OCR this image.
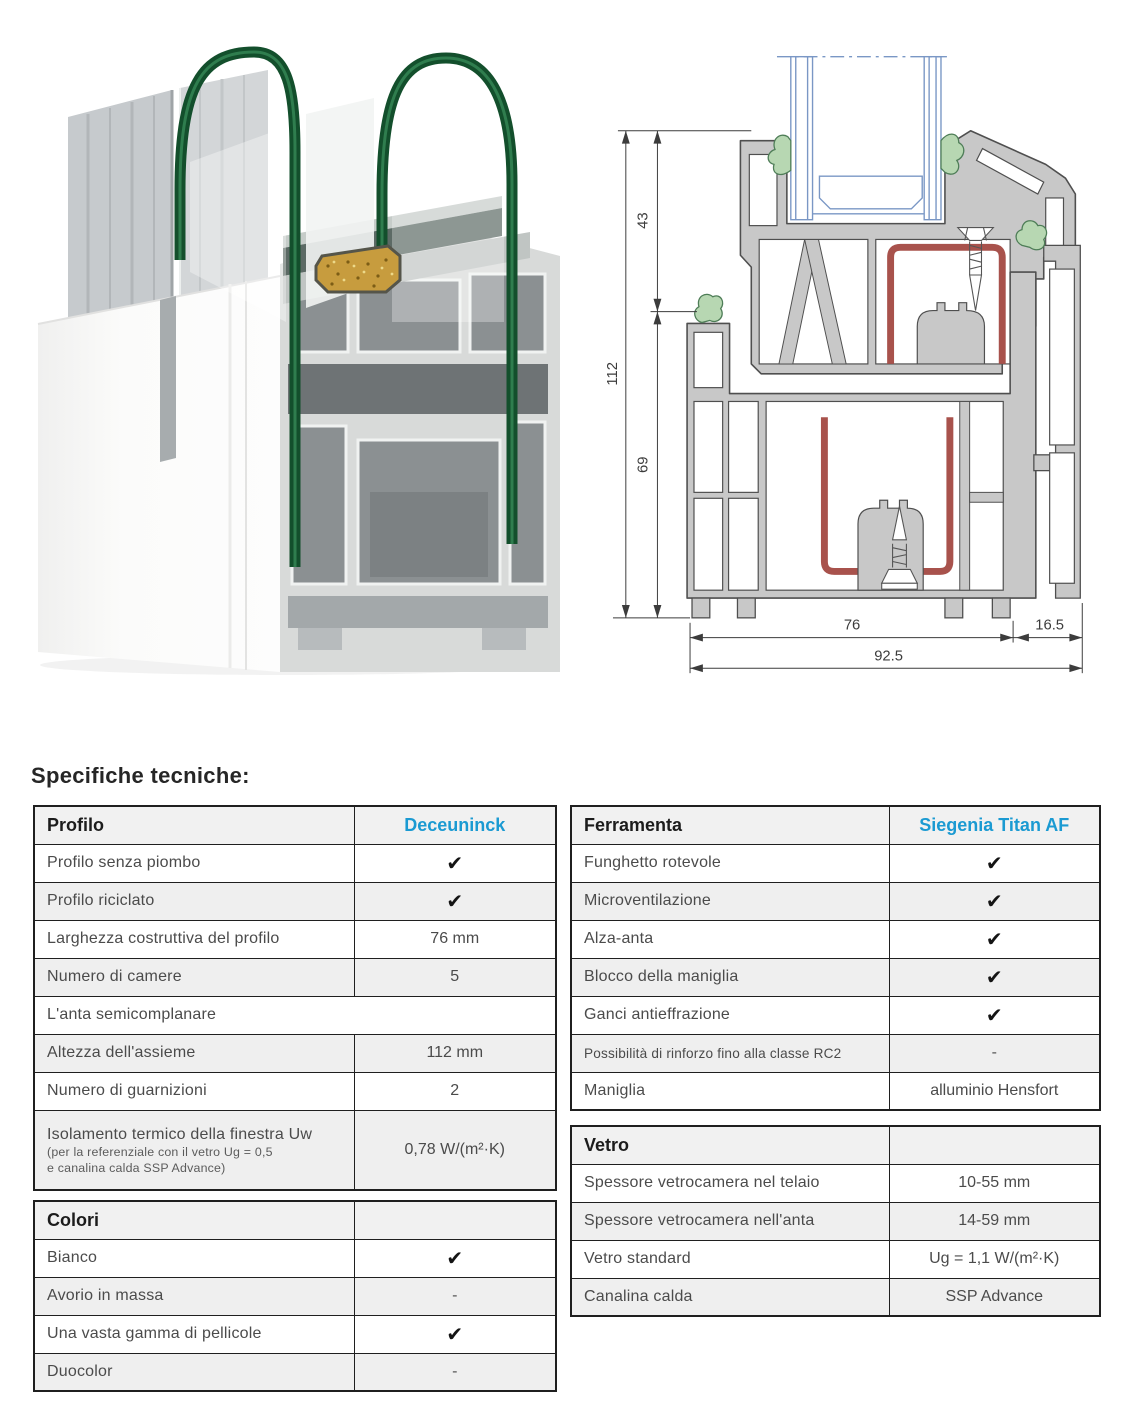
43
112
69
76	16.5
92.5
Specifiche tecniche:
Profilo	Deceuninck
Profilo senza piombo	✔
Profilo riciclato	✔
Larghezza costruttiva del profilo	76 mm
Numero di camere	5
L'anta semicomplanare	
Altezza dell'assieme	112 mm
Numero di guarnizioni	2

Isolamento termico della finestra Uw
(per la referenziale con il vetro Ug = 0,5
e canalina calda SSP Advance)	0,78 W/(m²·K)
Colori	
Bianco	✔
Avorio in massa	-
Una vasta gamma di pellicole	✔
Duocolor	-
Ferramenta	Siegenia Titan AF
Funghetto rotevole	✔
Microventilazione	✔
Alza-anta	✔
Blocco della maniglia	✔
Ganci antieffrazione	✔
Possibilità di rinforzo fino alla classe RC2	-
Maniglia	alluminio Hensfort
Vetro	
Spessore vetrocamera nel telaio	10-55 mm
Spessore vetrocamera nell'anta	14-59 mm
Vetro standard	Ug = 1,1 W/(m²·K)
Canalina calda	SSP Advance
